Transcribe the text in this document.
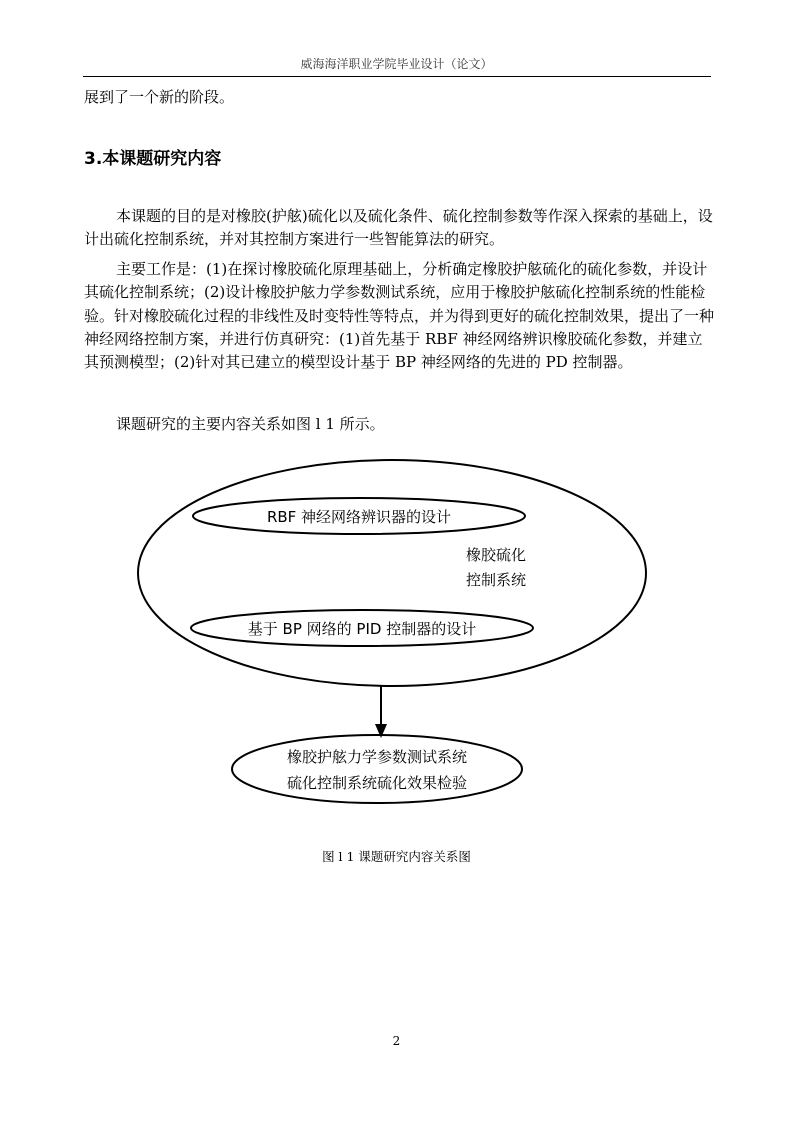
威海海洋职业学院毕业设计（论文）

展到了一个新的阶段。

3.本课题研究内容

本课题的目的是对橡胶(护舷)硫化以及硫化条件、硫化控制参数等作深入探索的基础上，设计出硫化控制系统，并对其控制方案进行一些智能算法的研究。

主要工作是：(1)在探讨橡胶硫化原理基础上，分析确定橡胶护舷硫化的硫化参数，并设计其硫化控制系统；(2)设计橡胶护舷力学参数测试系统，应用于橡胶护舷硫化控制系统的性能检验。针对橡胶硫化过程的非线性及时变特性等特点，并为得到更好的硫化控制效果，提出了一种神经网络控制方案，并进行仿真研究：(1)首先基于 RBF 神经网络辨识橡胶硫化参数，并建立其预测模型；(2)针对其已建立的模型设计基于 BP 神经网络的先进的 PD 控制器。

课题研究的主要内容关系如图 l 1 所示。

RBF 神经网络辨识器的设计
橡胶硫化
控制系统
基于 BP 网络的 PID 控制器的设计
橡胶护舷力学参数测试系统
硫化控制系统硫化效果检验
图 l 1 课题研究内容关系图
2
